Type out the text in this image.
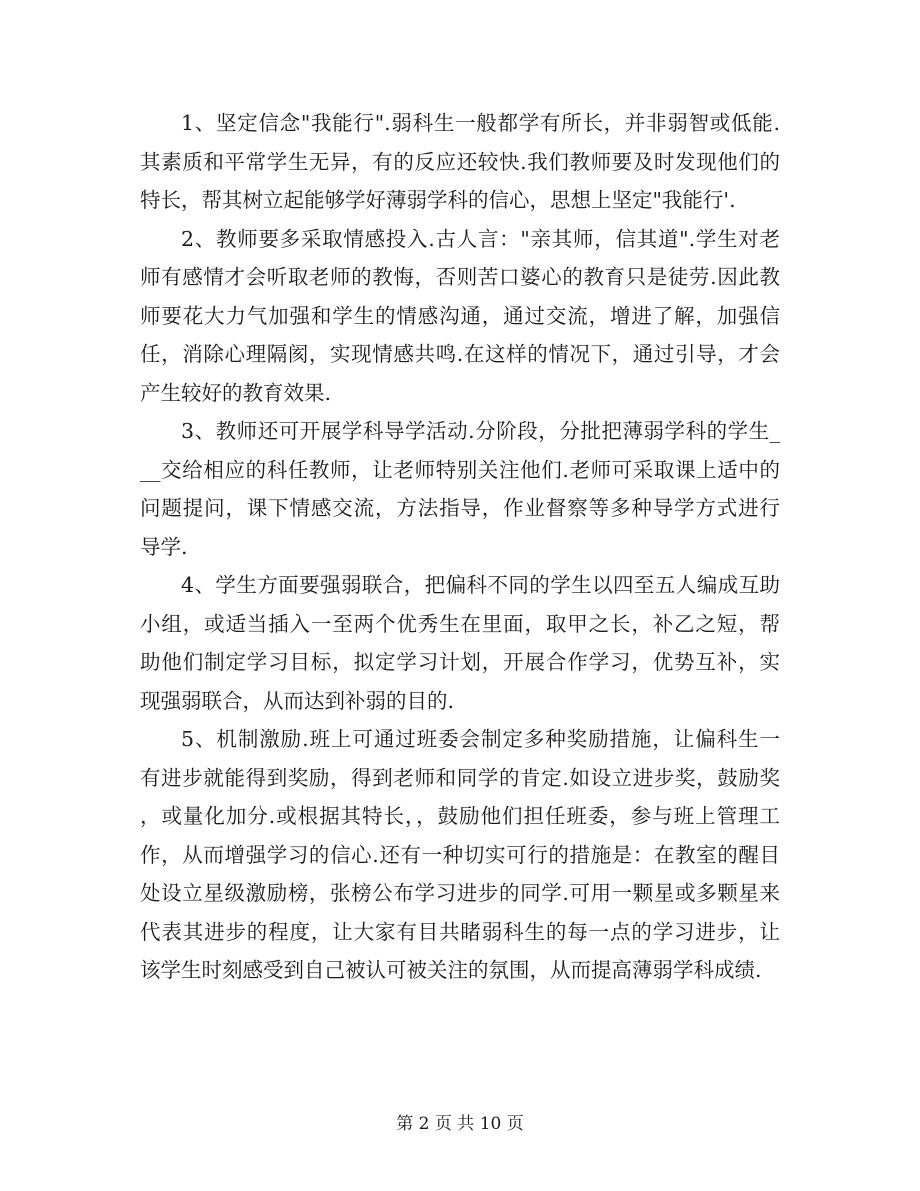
1、坚定信念"我能行".弱科生一般都学有所长，并非弱智或低能.
其素质和平常学生无异，有的反应还较快.我们教师要及时发现他们的
特长，帮其树立起能够学好薄弱学科的信心，思想上坚定"我能行'.
2、教师要多采取情感投入.古人言："亲其师，信其道".学生对老
师有感情才会听取老师的教悔，否则苦口婆心的教育只是徒劳.因此教
师要花大力气加强和学生的情感沟通，通过交流，增进了解，加强信
任，消除心理隔阂，实现情感共鸣.在这样的情况下，通过引导，才会
产生较好的教育效果.
3、教师还可开展学科导学活动.分阶段，分批把薄弱学科的学生_
__交给相应的科任教师，让老师特别关注他们.老师可采取课上适中的
问题提问，课下情感交流，方法指导，作业督察等多种导学方式进行
导学.
4、学生方面要强弱联合，把偏科不同的学生以四至五人编成互助
小组，或适当插入一至两个优秀生在里面，取甲之长，补乙之短，帮
助他们制定学习目标，拟定学习计划，开展合作学习，优势互补，实
现强弱联合，从而达到补弱的目的.
5、机制激励.班上可通过班委会制定多种奖励措施，让偏科生一
有进步就能得到奖励，得到老师和同学的肯定.如设立进步奖，鼓励奖
，或量化加分.或根据其特长，，鼓励他们担任班委，参与班上管理工
作，从而增强学习的信心.还有一种切实可行的措施是：在教室的醒目
处设立星级激励榜，张榜公布学习进步的同学.可用一颗星或多颗星来
代表其进步的程度，让大家有目共睹弱科生的每一点的学习进步，让
该学生时刻感受到自己被认可被关注的氛围，从而提高薄弱学科成绩.
第 2 页 共 10 页
